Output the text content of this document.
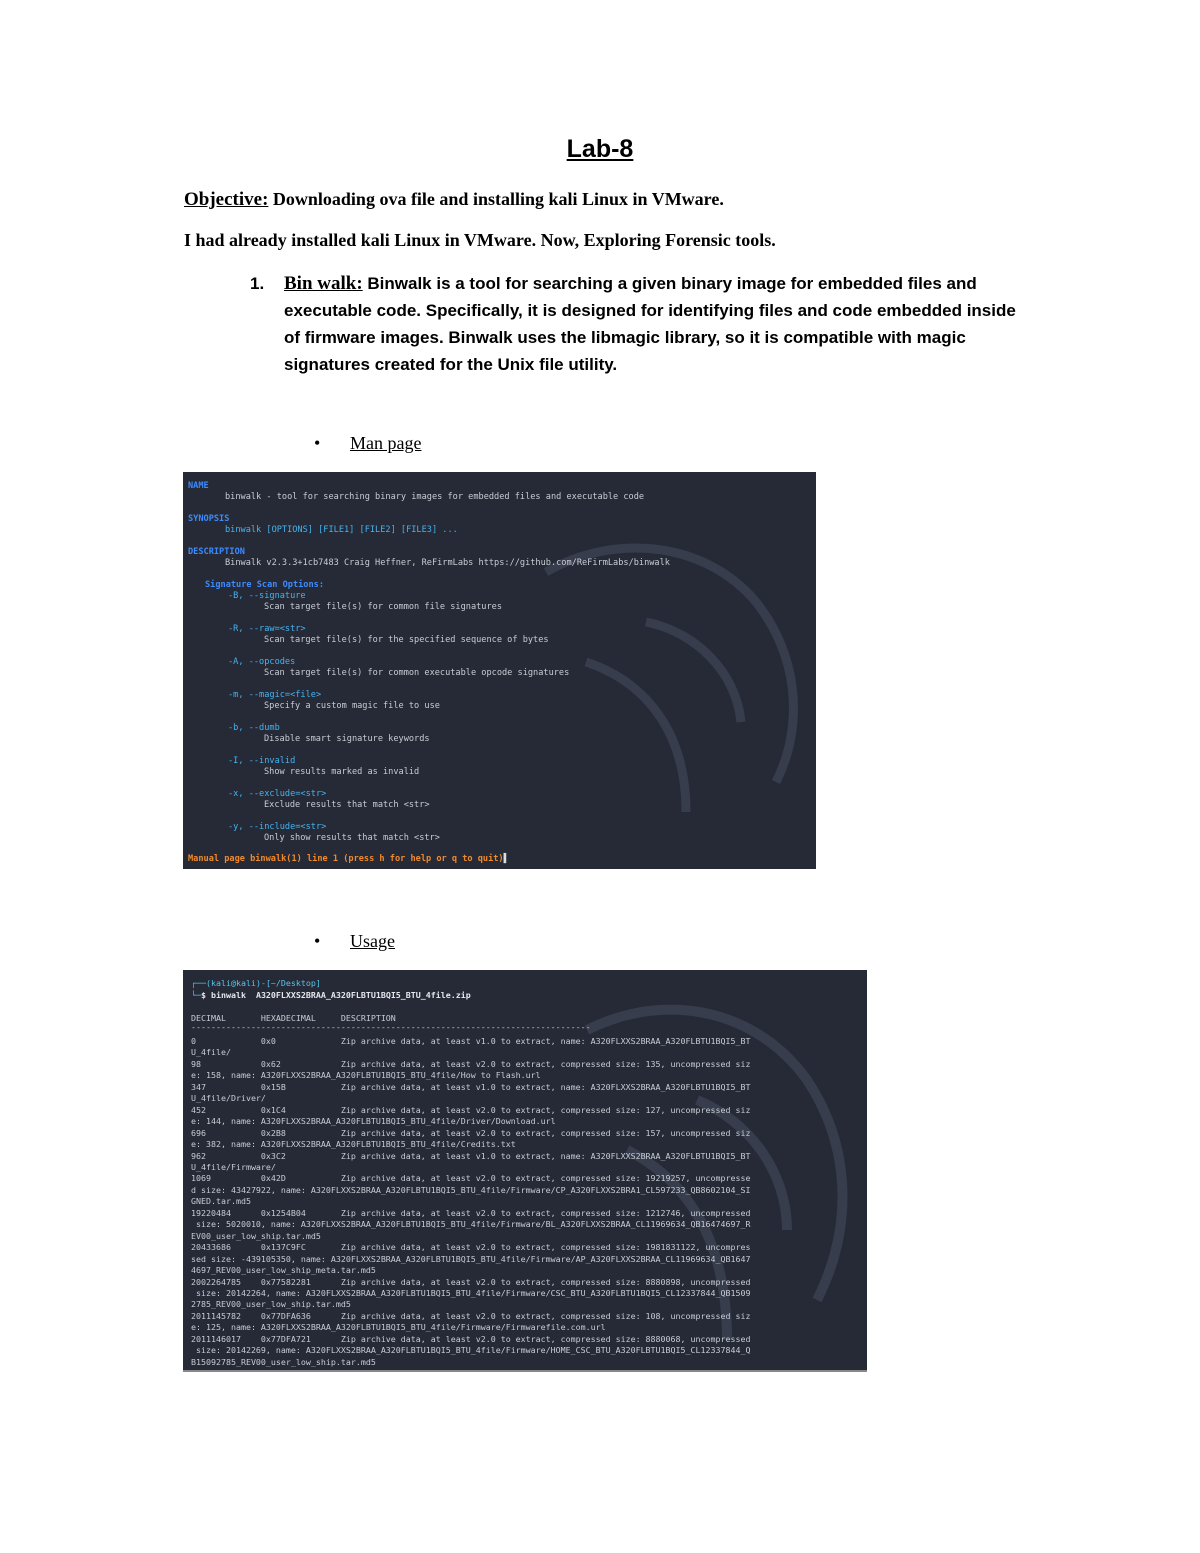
Lab-8
Objective: Downloading ova file and installing kali Linux in VMware.
I had already installed kali Linux in VMware. Now, Exploring Forensic tools.
1. Bin walk: Binwalk is a tool for searching a given binary image for embedded files and executable code. Specifically, it is designed for identifying files and code embedded inside of firmware images. Binwalk uses the libmagic library, so it is compatible with magic signatures created for the Unix file utility.
• Man page

NAME

binwalk - tool for searching binary images for embedded files and executable code

SYNOPSIS

binwalk [OPTIONS] [FILE1] [FILE2] [FILE3] ...

DESCRIPTION

Binwalk v2.3.3+1cb7483 Craig Heffner, ReFirmLabs https://github.com/ReFirmLabs/binwalk

Signature Scan Options:

-B, --signature

Scan target file(s) for common file signatures

-R, --raw=<str>

Scan target file(s) for the specified sequence of bytes

-A, --opcodes

Scan target file(s) for common executable opcode signatures

-m, --magic=<file>

Specify a custom magic file to use

-b, --dumb

Disable smart signature keywords

-I, --invalid

Show results marked as invalid

-x, --exclude=<str>

Exclude results that match <str>

-y, --include=<str>

Only show results that match <str>

Manual page binwalk(1) line 1 (press h for help or q to quit)▌

• Usage

┌──(kali@kali)-[~/Desktop]

└─$ binwalk  A320FLXXS2BRAA_A320FLBTU1BQI5_BTU_4file.zip

DECIMAL       HEXADECIMAL     DESCRIPTION

--------------------------------------------------------------------------------

0             0x0             Zip archive data, at least v1.0 to extract, name: A320FLXXS2BRAA_A320FLBTU1BQI5_BT
U_4file/
98            0x62            Zip archive data, at least v2.0 to extract, compressed size: 135, uncompressed siz
e: 158, name: A320FLXXS2BRAA_A320FLBTU1BQI5_BTU_4file/How to Flash.url
347           0x15B           Zip archive data, at least v1.0 to extract, name: A320FLXXS2BRAA_A320FLBTU1BQI5_BT
U_4file/Driver/
452           0x1C4           Zip archive data, at least v2.0 to extract, compressed size: 127, uncompressed siz
e: 144, name: A320FLXXS2BRAA_A320FLBTU1BQI5_BTU_4file/Driver/Download.url
696           0x2B8           Zip archive data, at least v2.0 to extract, compressed size: 157, uncompressed siz
e: 382, name: A320FLXXS2BRAA_A320FLBTU1BQI5_BTU_4file/Credits.txt
962           0x3C2           Zip archive data, at least v1.0 to extract, name: A320FLXXS2BRAA_A320FLBTU1BQI5_BT
U_4file/Firmware/
1069          0x42D           Zip archive data, at least v2.0 to extract, compressed size: 19219257, uncompresse
d size: 43427922, name: A320FLXXS2BRAA_A320FLBTU1BQI5_BTU_4file/Firmware/CP_A320FLXXS2BRA1_CL597233_QB8602104_SI
GNED.tar.md5
19220484      0x1254B04       Zip archive data, at least v2.0 to extract, compressed size: 1212746, uncompressed
size: 5020010, name: A320FLXXS2BRAA_A320FLBTU1BQI5_BTU_4file/Firmware/BL_A320FLXXS2BRAA_CL11969634_QB16474697_R
EV00_user_low_ship.tar.md5
20433686      0x137C9FC       Zip archive data, at least v2.0 to extract, compressed size: 1981831122, uncompres
sed size: -439105350, name: A320FLXXS2BRAA_A320FLBTU1BQI5_BTU_4file/Firmware/AP_A320FLXXS2BRAA_CL11969634_QB1647
4697_REV00_user_low_ship_meta.tar.md5
2002264785    0x77582281      Zip archive data, at least v2.0 to extract, compressed size: 8880898, uncompressed
size: 20142264, name: A320FLXXS2BRAA_A320FLBTU1BQI5_BTU_4file/Firmware/CSC_BTU_A320FLBTU1BQI5_CL12337844_QB1509
2785_REV00_user_low_ship.tar.md5
2011145782    0x77DFA636      Zip archive data, at least v2.0 to extract, compressed size: 108, uncompressed siz
e: 125, name: A320FLXXS2BRAA_A320FLBTU1BQI5_BTU_4file/Firmware/Firmwarefile.com.url
2011146017    0x77DFA721      Zip archive data, at least v2.0 to extract, compressed size: 8880068, uncompressed
size: 20142269, name: A320FLXXS2BRAA_A320FLBTU1BQI5_BTU_4file/Firmware/HOME_CSC_BTU_A320FLBTU1BQI5_CL12337844_Q
B15092785_REV00_user_low_ship.tar.md5
